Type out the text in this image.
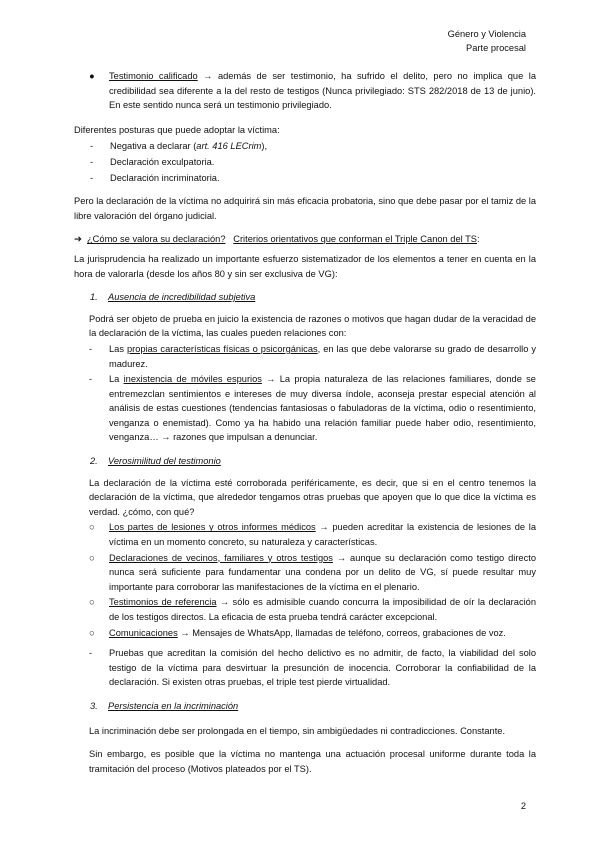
Género y Violencia
Parte procesal
●	Testimonio calificado → además de ser testimonio, ha sufrido el delito, pero no implica que la credibilidad sea diferente a la del resto de testigos (Nunca privilegiado: STS 282/2018 de 13 de junio). En este sentido nunca será un testimonio privilegiado.

Diferentes posturas que puede adoptar la víctima:

-	Negativa a declarar (art. 416 LECrim),
-	Declaración exculpatoria.
-	Declaración incriminatoria.

Pero la declaración de la víctima no adquirirá sin más eficacia probatoria, sino que debe pasar por el tamiz de la libre valoración del órgano judicial.

➔ ¿Cómo se valora su declaración? Criterios orientativos que conforman el Triple Canon del TS:

La jurisprudencia ha realizado un importante esfuerzo sistematizador de los elementos a tener en cuenta en la hora de valorarla (desde los años 80 y sin ser exclusiva de VG):

1.	Ausencia de incredibilidad subjetiva

Podrá ser objeto de prueba en juicio la existencia de razones o motivos que hagan dudar de la veracidad de la declaración de la víctima, las cuales pueden relaciones con:

-	Las propias características físicas o psicorgánicas, en las que debe valorarse su grado de desarrollo y madurez.
-	La inexistencia de móviles espurios → La propia naturaleza de las relaciones familiares, donde se entremezclan sentimientos e intereses de muy diversa índole, aconseja prestar especial atención al análisis de estas cuestiones (tendencias fantasiosas o fabuladoras de la víctima, odio o resentimiento, venganza o enemistad). Como ya ha habido una relación familiar puede haber odio, resentimiento, venganza… → razones que impulsan a denunciar.
2.	Verosimilitud del testimonio

La declaración de la víctima esté corroborada periféricamente, es decir, que si en el centro tenemos la declaración de la víctima, que alrededor tengamos otras pruebas que apoyen que lo que dice la víctima es verdad. ¿cómo, con qué?

○	Los partes de lesiones y otros informes médicos → pueden acreditar la existencia de lesiones de la víctima en un momento concreto, su naturaleza y características.
○	Declaraciones de vecinos, familiares y otros testigos → aunque su declaración como testigo directo nunca será suficiente para fundamentar una condena por un delito de VG, sí puede resultar muy importante para corroborar las manifestaciones de la víctima en el plenario.
○	Testimonios de referencia → sólo es admisible cuando concurra la imposibilidad de oír la declaración de los testigos directos. La eficacia de esta prueba tendrá carácter excepcional.
○	Comunicaciones → Mensajes de WhatsApp, llamadas de teléfono, correos, grabaciones de voz.
-	Pruebas que acreditan la comisión del hecho delictivo es no admitir, de facto, la viabilidad del solo testigo de la víctima para desvirtuar la presunción de inocencia. Corroborar la confiabilidad de la declaración. Si existen otras pruebas, el triple test pierde virtualidad.
3.	Persistencia en la incriminación

La incriminación debe ser prolongada en el tiempo, sin ambigüedades ni contradicciones. Constante.

Sin embargo, es posible que la víctima no mantenga una actuación procesal uniforme durante toda la tramitación del proceso (Motivos plateados por el TS).

2
